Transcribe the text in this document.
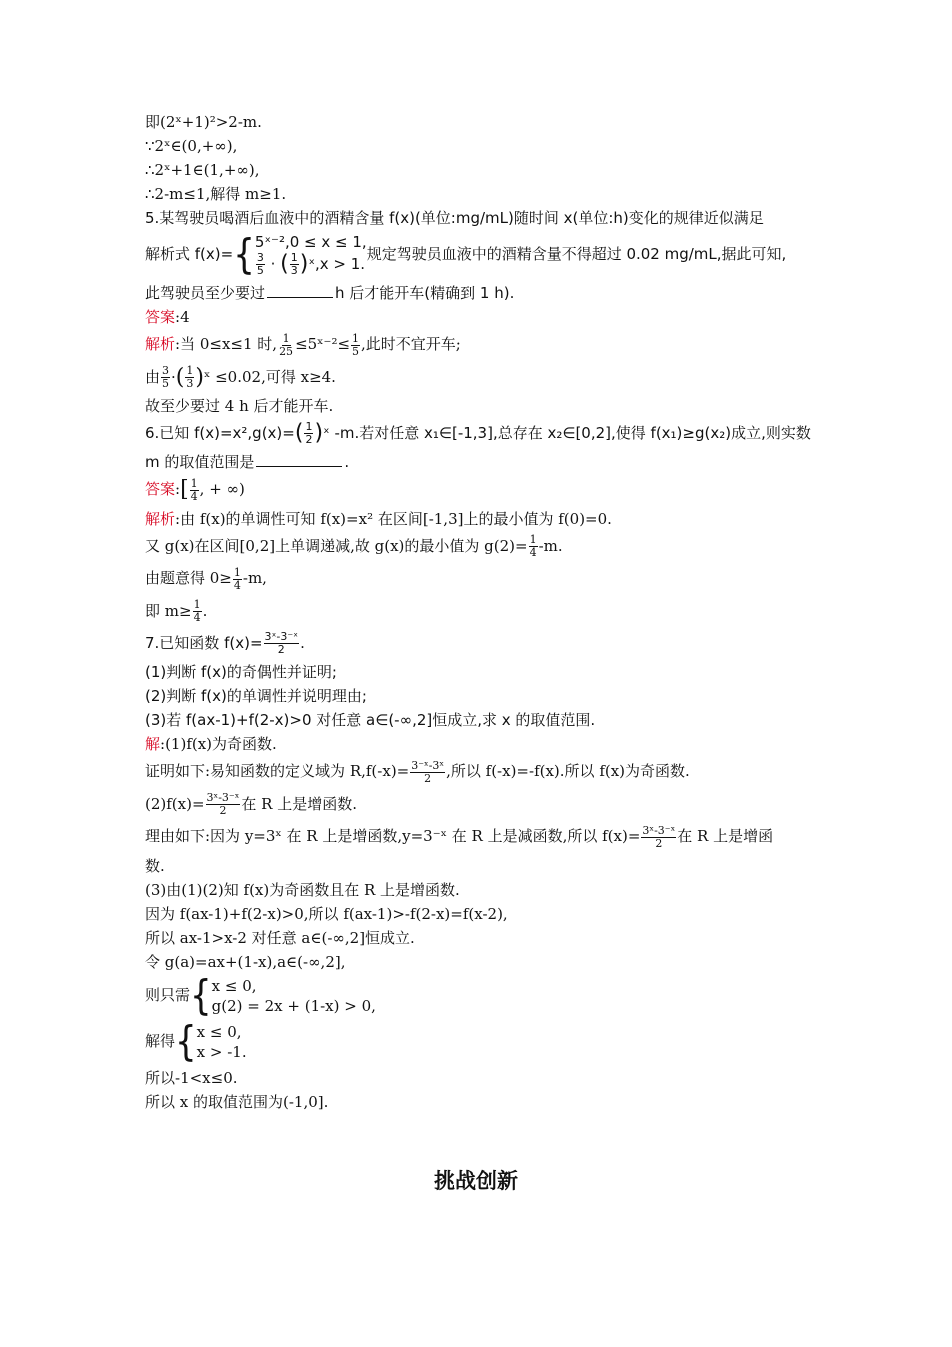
即(2ˣ+1)²>2-m.
∵2ˣ∈(0,+∞),
∴2ˣ+1∈(1,+∞),
∴2-m≤1,解得 m≥1.
5.某驾驶员喝酒后血液中的酒精含量 f(x)(单位:mg/mL)随时间 x(单位:h)变化的规律近似满足
解析式 f(x)= { 5ˣ⁻²,0 ≤ x ≤ 1,
$\frac{3}{5}$ · ( $\frac{1}{3}$ )ˣ,x > 1.
规定驾驶员血液中的酒精含量不得超过 0.02 mg/mL,据此可知,
此驾驶员至少要过	h 后才能开车(精确到 1 h).
答案:4
解析:当 0≤x≤1 时, $\frac{1}{25}$ ≤5ˣ⁻²≤ $\frac{1}{5}$ ,此时不宜开车;
由 $\frac{3}{5}$ ·( $\frac{1}{3}$ )ˣ ≤0.02,可得 x≥4.
故至少要过 4 h 后才能开车.
6.已知 $f(x)=x^2,g(x)=( \frac{1}{2}$ )ˣ -m.若对任意 x₁∈[-1,3],总存在 x₂∈[0,2],使得 f(x₁)≥g(x₂)成立,则实数
m 的取值范围是	.
答案:[ $\frac{1}{4}$ , + ∞)
解析:由 f(x)的单调性可知 f(x)=x² 在区间[-1,3]上的最小值为 f(0)=0.
又 g(x)在区间[0,2]上单调递减,故 g(x)的最小值为 $g(2)= \frac{1}{4} -m$.
由题意得 $0\ge \frac{1}{4} -m$,
即 $m\ge \frac{1}{4}$ .
7.已知函数 $f(x)= \frac{\text{3ˣ-3⁻ˣ}}{2}$ .
(1)判断 f(x)的奇偶性并证明;
(2)判断 f(x)的单调性并说明理由;
(3)若 f(ax-1)+f(2-x)>0 对任意 a∈(-∞,2]恒成立,求 x 的取值范围.
解:(1)f(x)为奇函数.
证明如下:易知函数的定义域为 $R,f(-x)= \frac{\text{3⁻ˣ-3ˣ}}{2}$ ,所以 f(-x)=-f(x).所以 f(x)为奇函数.
$(2)f(x)= \frac{\text{3ˣ-3⁻ˣ}}{2}$ 在 R 上是增函数.
理由如下:因为 y=3ˣ 在 R 上是增函数,y=3⁻ˣ 在 R 上是减函数,所以 $f(x)= \frac{\text{3ˣ-3⁻ˣ}}{2}$ 在 R 上是增函
数.
(3)由(1)(2)知 f(x)为奇函数且在 R 上是增函数.
因为 f(ax-1)+f(2-x)>0,所以 f(ax-1)>-f(2-x)=f(x-2),
所以 ax-1>x-2 对任意 a∈(-∞,2]恒成立.
令 g(a)=ax+(1-x),a∈(-∞,2],
则只需 { x ≤ 0,
g(2) = 2x + (1-x) > 0,
解得 { x ≤ 0,
x > -1.
所以-1<x≤0.
所以 x 的取值范围为(-1,0].
挑战创新
